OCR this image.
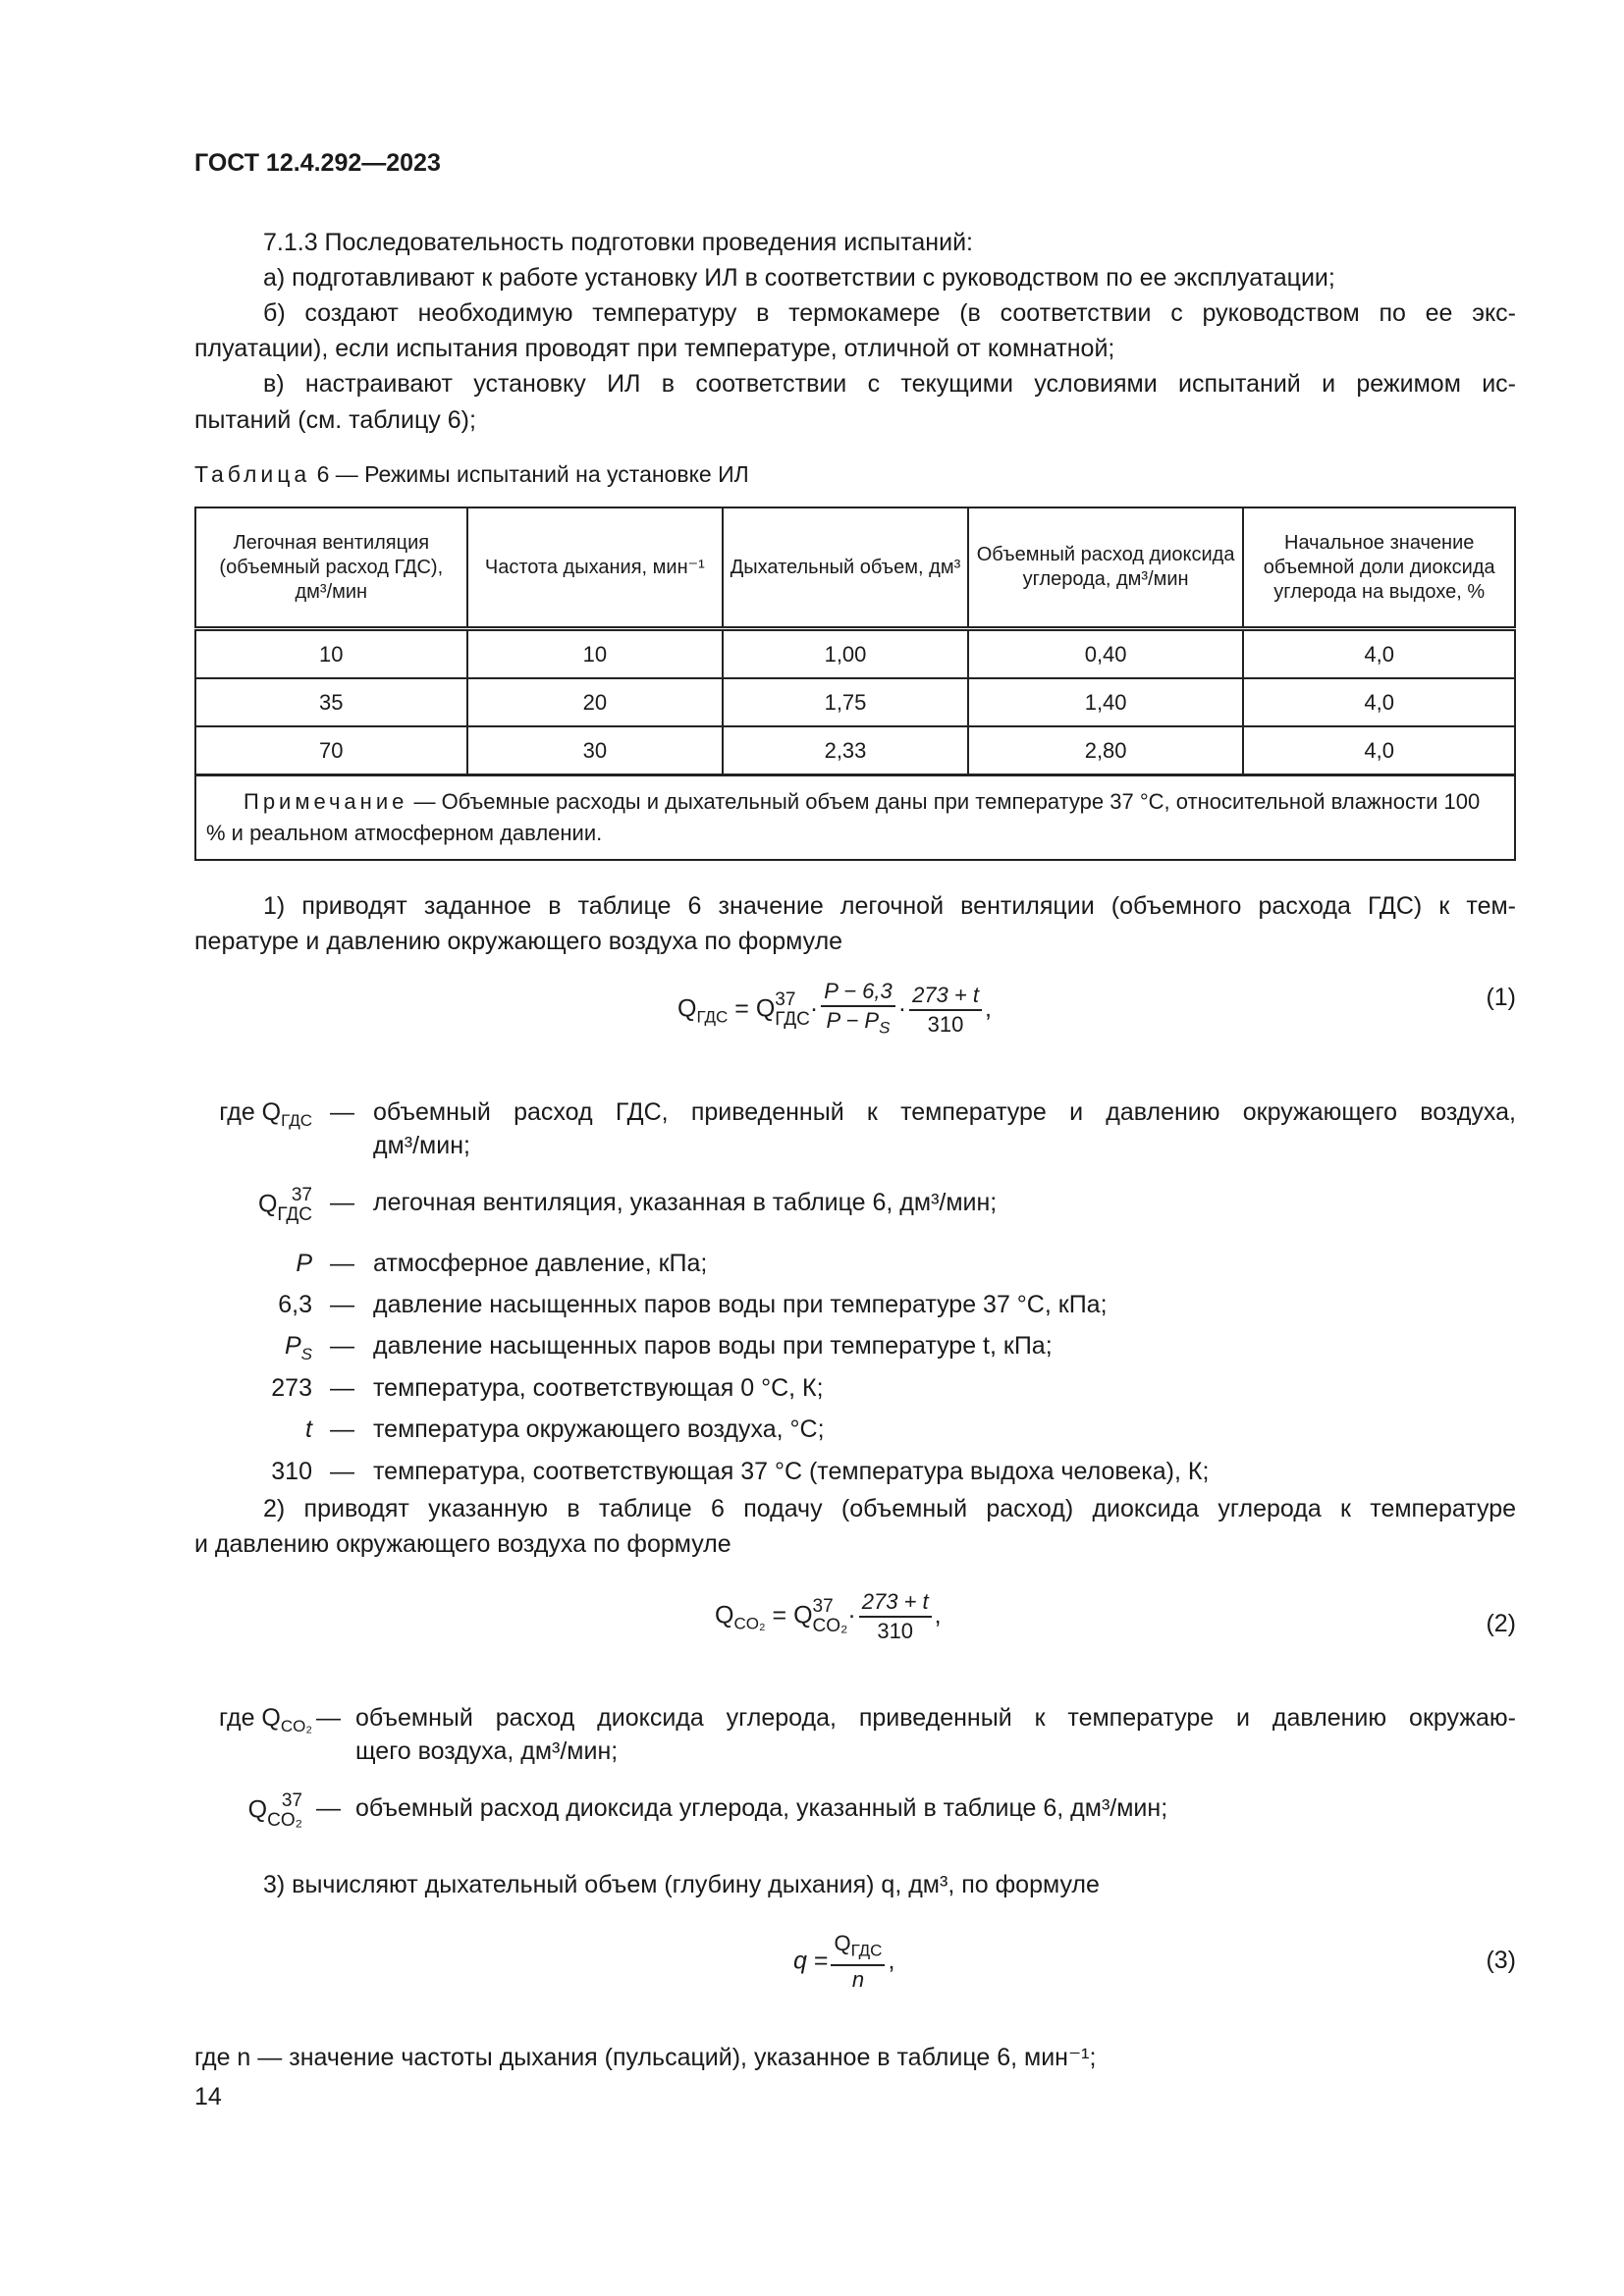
ГОСТ 12.4.292—2023
7.1.3 Последовательность подготовки проведения испытаний:
а) подготавливают к работе установку ИЛ в соответствии с руководством по ее эксплуатации;
б) создают необходимую температуру в термокамере (в соответствии с руководством по ее экс-
плуатации), если испытания проводят при температуре, отличной от комнатной;
в) настраивают установку ИЛ в соответствии с текущими условиями испытаний и режимом ис-
пытаний (см. таблицу 6);
Таблица 6 — Режимы испытаний на установке ИЛ
Легочная вентиляция (объемный расход ГДС), дм³/мин	Частота дыхания, мин⁻¹	Дыхательный объем, дм³	Объемный расход диоксида углерода, дм³/мин	Начальное значение объемной доли диоксида углерода на выдохе, %
10	10	1,00	0,40	4,0
35	20	1,75	1,40	4,0
70	30	2,33	2,80	4,0
Примечание — Объемные расходы и дыхательный объем даны при температуре 37 °С, относительной влажности 100 % и реальном атмосферном давлении.				
1) приводят заданное в таблице 6 значение легочной вентиляции (объемного расхода ГДС) к тем-
пературе и давлению окружающего воздуха по формуле
$Q_{ГДС} = Q$ 37
ГДС · $\frac{P - 6,3}{P - P_S} \cdot \frac{273 + t}{310}$ ,	(1)
где $Q_{ГДС}$ — объемный расход ГДС, приведенный к температуре и давлению окружающего воздуха,
дм³/мин;
Q 37
ГДС — легочная вентиляция, указанная в таблице 6, дм³/мин;
P — атмосферное давление, кПа;
6,3 — давление насыщенных паров воды при температуре 37 °С, кПа;
$P_S$ — давление насыщенных паров воды при температуре t, кПа;
273 — температура, соответствующая 0 °С, К;
t — температура окружающего воздуха, °С;
310 — температура, соответствующая 37 °С (температура выдоха человека), К;
2) приводят указанную в таблице 6 подачу (объемный расход) диоксида углерода к температуре
и давлению окружающего воздуха по формуле
$Q_{CO_2} = Q$ 37
$CO_2 \cdot \frac{273 + t}{310}$ ,	(2)
где $Q_{CO_2}$ — объемный расход диоксида углерода, приведенный к температуре и давлению окружаю-
щего воздуха, дм³/мин;
Q 37
CO₂ — объемный расход диоксида углерода, указанный в таблице 6, дм³/мин;
3) вычисляют дыхательный объем (глубину дыхания) q, дм³, по формуле
$q = \frac{Q_{ГДС}}{n}$ ,	(3)
где n — значение частоты дыхания (пульсаций), указанное в таблице 6, мин⁻¹;
14
